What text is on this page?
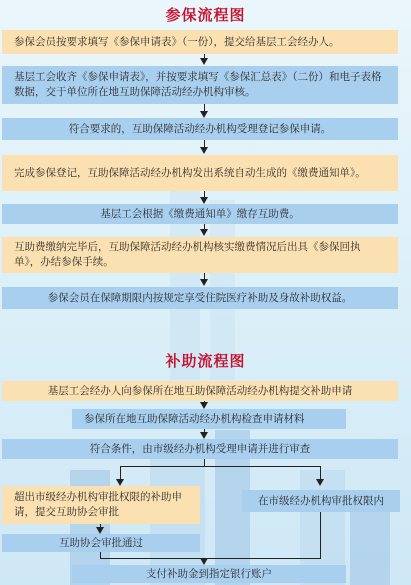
参保流程图
参保会员按要求填写《参保申请表》（一份），提交给基层工会经办人。
基层工会收齐《参保申请表》，并按要求填写《参保汇总表》（二份）和电子表格数据，交于单位所在地互助保障活动经办机构审核。
符合要求的，互助保障活动经办机构受理登记参保申请。
完成参保登记，互助保障活动经办机构发出系统自动生成的《缴费通知单》。
基层工会根据《缴费通知单》缴存互助费。
互助费缴纳完毕后，互助保障活动经办机构核实缴费情况后出具《参保回执单》，办结参保手续。
参保会员在保障期限内按规定享受住院医疗补助及身故补助权益。
补助流程图
基层工会经办人向参保所在地互助保障活动经办机构提交补助申请
参保所在地互助保障活动经办机构检查申请材料
符合条件，由市级经办机构受理申请并进行审查
超出市级经办机构审批权限的补助申请，提交互助协会审批
在市级经办机构审批权限内
互助协会审批通过
支付补助金到指定银行账户
